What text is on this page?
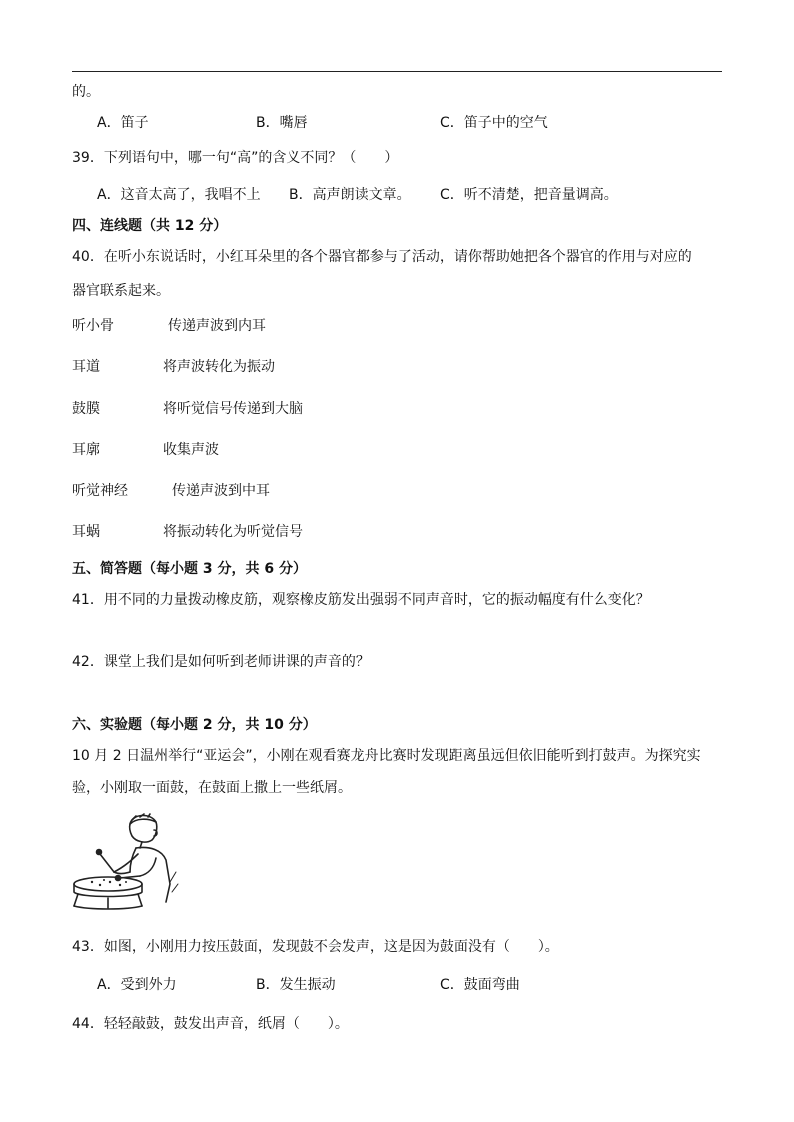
的。
A．笛子	B．嘴唇	C．笛子中的空气
39．下列语句中，哪一句“高”的含义不同？（　　）
A．这音太高了，我唱不上 B．高声朗读文章。 C．听不清楚，把音量调高。
四、连线题（共 12 分）
40．在听小东说话时，小红耳朵里的各个器官都参与了活动，请你帮助她把各个器官的作用与对应的
器官联系起来。
听小骨	传递声波到内耳
耳道	将声波转化为振动
鼓膜	将听觉信号传递到大脑
耳廓	收集声波
听觉神经	传递声波到中耳
耳蜗	将振动转化为听觉信号
五、简答题（每小题 3 分，共 6 分）
41．用不同的力量拨动橡皮筋，观察橡皮筋发出强弱不同声音时，它的振动幅度有什么变化？
42．课堂上我们是如何听到老师讲课的声音的？
六、实验题（每小题 2 分，共 10 分）
10 月 2 日温州举行“亚运会”，小刚在观看赛龙舟比赛时发现距离虽远但依旧能听到打鼓声。为探究实
验，小刚取一面鼓，在鼓面上撒上一些纸屑。
43．如图，小刚用力按压鼓面，发现鼓不会发声，这是因为鼓面没有（　　）。
A．受到外力	B．发生振动	C．鼓面弯曲
44．轻轻敲鼓，鼓发出声音，纸屑（　　）。
